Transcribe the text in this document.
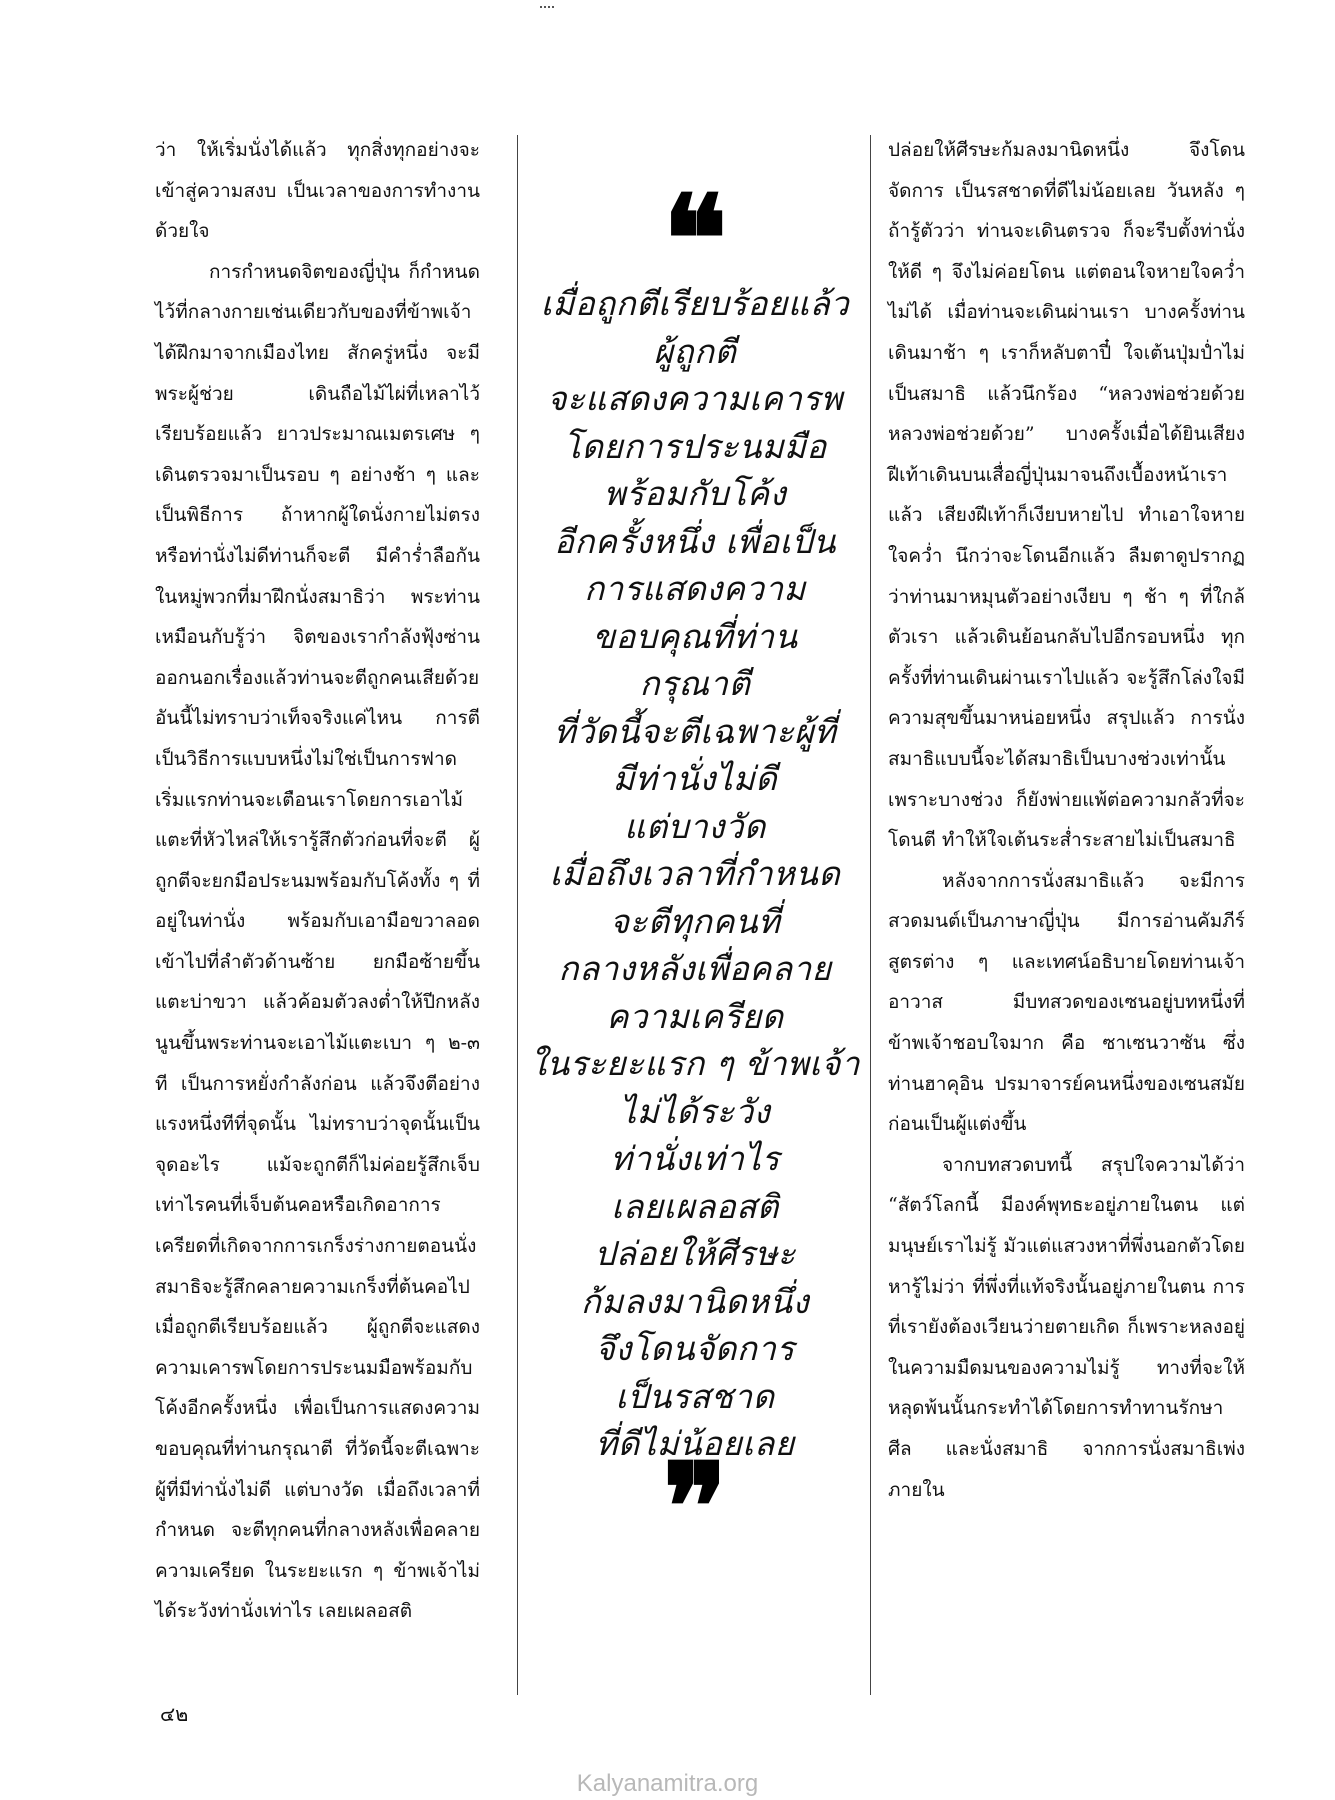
ว่า ให้เริ่มนั่งได้แล้ว ทุกสิ่งทุกอย่างจะเข้าสู่ความสงบ เป็นเวลาของการทำงานด้วยใจ

การกำหนดจิตของญี่ปุ่น ก็กำหนดไว้ที่กลางกายเช่นเดียวกับของที่ข้าพเจ้าได้ฝึกมาจากเมืองไทย สักครู่หนึ่ง จะมีพระผู้ช่วย เดินถือไม้ไผ่ที่เหลาไว้เรียบร้อยแล้ว ยาวประมาณเมตรเศษ ๆ เดินตรวจมาเป็นรอบ ๆ อย่างช้า ๆ และเป็นพิธีการ ถ้าหากผู้ใดนั่งกายไม่ตรงหรือท่านั่งไม่ดีท่านก็จะตี มีคำร่ำลือกันในหมู่พวกที่มาฝึกนั่งสมาธิว่า พระท่านเหมือนกับรู้ว่า จิตของเรากำลังฟุ้งซ่านออกนอกเรื่องแล้วท่านจะตีถูกคนเสียด้วย อันนี้ไม่ทราบว่าเท็จจริงแค่ไหน การตีเป็นวิธีการแบบหนึ่งไม่ใช่เป็นการฟาด เริ่มแรกท่านจะเตือนเราโดยการเอาไม้แตะที่หัวไหล่ให้เรารู้สึกตัวก่อนที่จะตี ผู้ถูกตีจะยกมือประนมพร้อมกับโค้งทั้ง ๆ ที่อยู่ในท่านั่ง พร้อมกับเอามือขวาลอดเข้าไปที่ลำตัวด้านซ้าย ยกมือซ้ายขึ้นแตะบ่าขวา แล้วค้อมตัวลงต่ำให้ปีกหลังนูนขึ้นพระท่านจะเอาไม้แตะเบา ๆ ๒-๓ ที เป็นการหยั่งกำลังก่อน แล้วจึงตีอย่างแรงหนึ่งทีที่จุดนั้น ไม่ทราบว่าจุดนั้นเป็นจุดอะไร แม้จะถูกตีก็ไม่ค่อยรู้สึกเจ็บเท่าไรคนที่เจ็บต้นคอหรือเกิดอาการเครียดที่เกิดจากการเกร็งร่างกายตอนนั่งสมาธิจะรู้สึกคลายความเกร็งที่ต้นคอไป เมื่อถูกตีเรียบร้อยแล้ว ผู้ถูกตีจะแสดงความเคารพโดยการประนมมือพร้อมกับโค้งอีกครั้งหนึ่ง เพื่อเป็นการแสดงความขอบคุณที่ท่านกรุณาตี ที่วัดนี้จะตีเฉพาะผู้ที่มีท่านั่งไม่ดี แต่บางวัด เมื่อถึงเวลาที่กำหนด จะตีทุกคนที่กลางหลังเพื่อคลายความเครียด ในระยะแรก ๆ ข้าพเจ้าไม่ได้ระวังท่านั่งเท่าไร เลยเผลอสติ

❝
เมื่อถูกตีเรียบร้อยแล้ว
ผู้ถูกตี
จะแสดงความเคารพ
โดยการประนมมือ
พร้อมกับโค้ง
อีกครั้งหนึ่ง เพื่อเป็น
การแสดงความ
ขอบคุณที่ท่าน
กรุณาตี
ที่วัดนี้จะตีเฉพาะผู้ที่
มีท่านั่งไม่ดี
แต่บางวัด
เมื่อถึงเวลาที่กำหนด
จะตีทุกคนที่
กลางหลังเพื่อคลาย
ความเครียด
ในระยะแรก ๆ ข้าพเจ้า
ไม่ได้ระวัง
ท่านั่งเท่าไร
เลยเผลอสติ
ปล่อยให้ศีรษะ
ก้มลงมานิดหนึ่ง
จึงโดนจัดการ
เป็นรสชาด
ที่ดีไม่น้อยเลย
❞

ปล่อยให้ศีรษะก้มลงมานิดหนึ่ง จึงโดนจัดการ เป็นรสชาดที่ดีไม่น้อยเลย วันหลัง ๆ ถ้ารู้ตัวว่า ท่านจะเดินตรวจ ก็จะรีบตั้งท่านั่งให้ดี ๆ จึงไม่ค่อยโดน แต่ตอนใจหายใจคว่ำไม่ได้ เมื่อท่านจะเดินผ่านเรา บางครั้งท่านเดินมาช้า ๆ เราก็หลับตาปี๋ ใจเต้นปุ่มป่ำไม่เป็นสมาธิ แล้วนึกร้อง “หลวงพ่อช่วยด้วย หลวงพ่อช่วยด้วย” บางครั้งเมื่อได้ยินเสียงฝีเท้าเดินบนเสื่อญี่ปุ่นมาจนถึงเบื้องหน้าเราแล้ว เสียงฝีเท้าก็เงียบหายไป ทำเอาใจหายใจคว่ำ นึกว่าจะโดนอีกแล้ว ลืมตาดูปรากฏว่าท่านมาหมุนตัวอย่างเงียบ ๆ ช้า ๆ ที่ใกล้ตัวเรา แล้วเดินย้อนกลับไปอีกรอบหนึ่ง ทุกครั้งที่ท่านเดินผ่านเราไปแล้ว จะรู้สึกโล่งใจมีความสุขขึ้นมาหน่อยหนึ่ง สรุปแล้ว การนั่งสมาธิแบบนี้จะได้สมาธิเป็นบางช่วงเท่านั้น เพราะบางช่วง ก็ยังพ่ายแพ้ต่อความกลัวที่จะโดนตี ทำให้ใจเต้นระส่ำระสายไม่เป็นสมาธิ

หลังจากการนั่งสมาธิแล้ว จะมีการสวดมนต์เป็นภาษาญี่ปุ่น มีการอ่านคัมภีร์สูตรต่าง ๆ และเทศน์อธิบายโดยท่านเจ้าอาวาส มีบทสวดของเซนอยู่บทหนึ่งที่ข้าพเจ้าชอบใจมาก คือ ซาเซนวาซัน ซึ่งท่านฮาคุอิน ปรมาจารย์คนหนึ่งของเซนสมัยก่อนเป็นผู้แต่งขึ้น

จากบทสวดบทนี้ สรุปใจความได้ว่า “สัตว์โลกนี้ มีองค์พุทธะอยู่ภายในตน แต่มนุษย์เราไม่รู้ มัวแต่แสวงหาที่พึ่งนอกตัวโดยหารู้ไม่ว่า ที่พึ่งที่แท้จริงนั้นอยู่ภายในตน การที่เรายังต้องเวียนว่ายตายเกิด ก็เพราะหลงอยู่ในความมืดมนของความไม่รู้ ทางที่จะให้หลุดพ้นนั้นกระทำได้โดยการทำทานรักษาศีล และนั่งสมาธิ จากการนั่งสมาธิเพ่งภายใน

๔๒
Kalyanamitra.org
